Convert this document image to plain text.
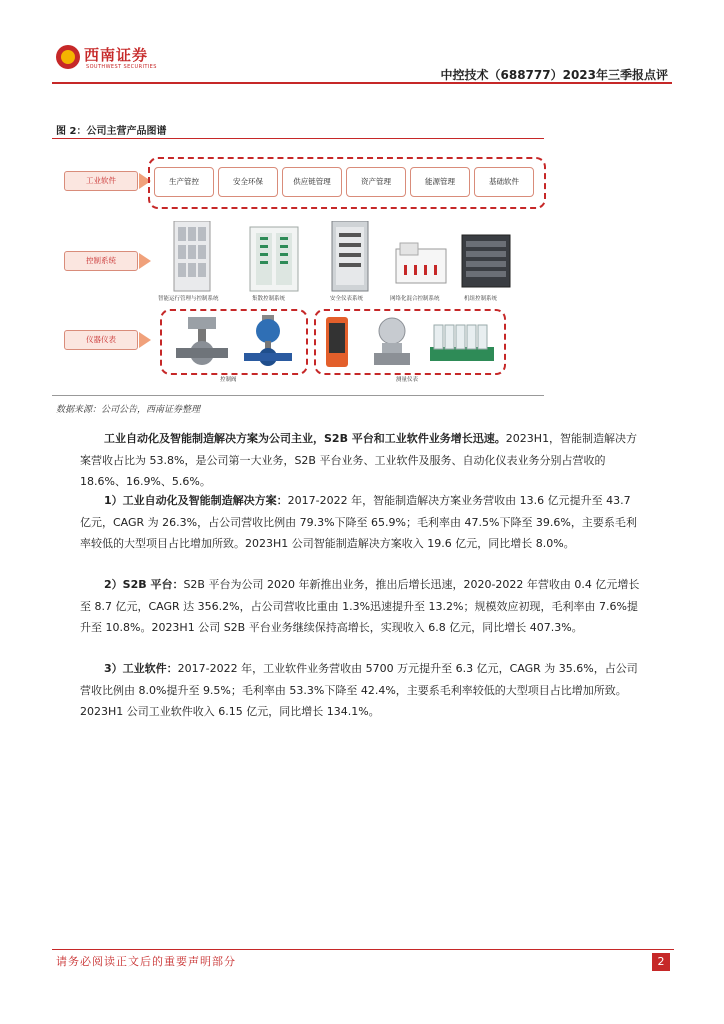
西南证券
SOUTHWEST SECURITIES
中控技术（688777）2023年三季报点评
图 2：公司主营产品图谱
工业软件	生产管控	安全环保	供应链管理	资产管理	能源管理	基础软件
控制系统
智能运行管理与控制系统	集散控制系统	安全仪表系统	网络化混合控制系统	机组控制系统
仪器仪表
控制阀	测量仪表
数据来源：公司公告，西南证券整理
工业自动化及智能制造解决方案为公司主业，S2B 平台和工业软件业务增长迅速。2023H1，智能制造解决方案营收占比为 53.8%，是公司第一大业务，S2B 平台业务、工业软件及服务、自动化仪表业务分别占营收的 18.6%、16.9%、5.6%。
1）工业自动化及智能制造解决方案：2017-2022 年，智能制造解决方案业务营收由 13.6 亿元提升至 43.7 亿元，CAGR 为 26.3%，占公司营收比例由 79.3%下降至 65.9%；毛利率由 47.5%下降至 39.6%，主要系毛利率较低的大型项目占比增加所致。2023H1 公司智能制造解决方案收入 19.6 亿元，同比增长 8.0%。
2）S2B 平台：S2B 平台为公司 2020 年新推出业务，推出后增长迅速，2020-2022 年营收由 0.4 亿元增长至 8.7 亿元，CAGR 达 356.2%，占公司营收比重由 1.3%迅速提升至 13.2%；规模效应初现，毛利率由 7.6%提升至 10.8%。2023H1 公司 S2B 平台业务继续保持高增长，实现收入 6.8 亿元，同比增长 407.3%。
3）工业软件：2017-2022 年，工业软件业务营收由 5700 万元提升至 6.3 亿元，CAGR 为 35.6%，占公司营收比例由 8.0%提升至 9.5%；毛利率由 53.3%下降至 42.4%，主要系毛利率较低的大型项目占比增加所致。2023H1 公司工业软件收入 6.15 亿元，同比增长 134.1%。
请务必阅读正文后的重要声明部分	2
